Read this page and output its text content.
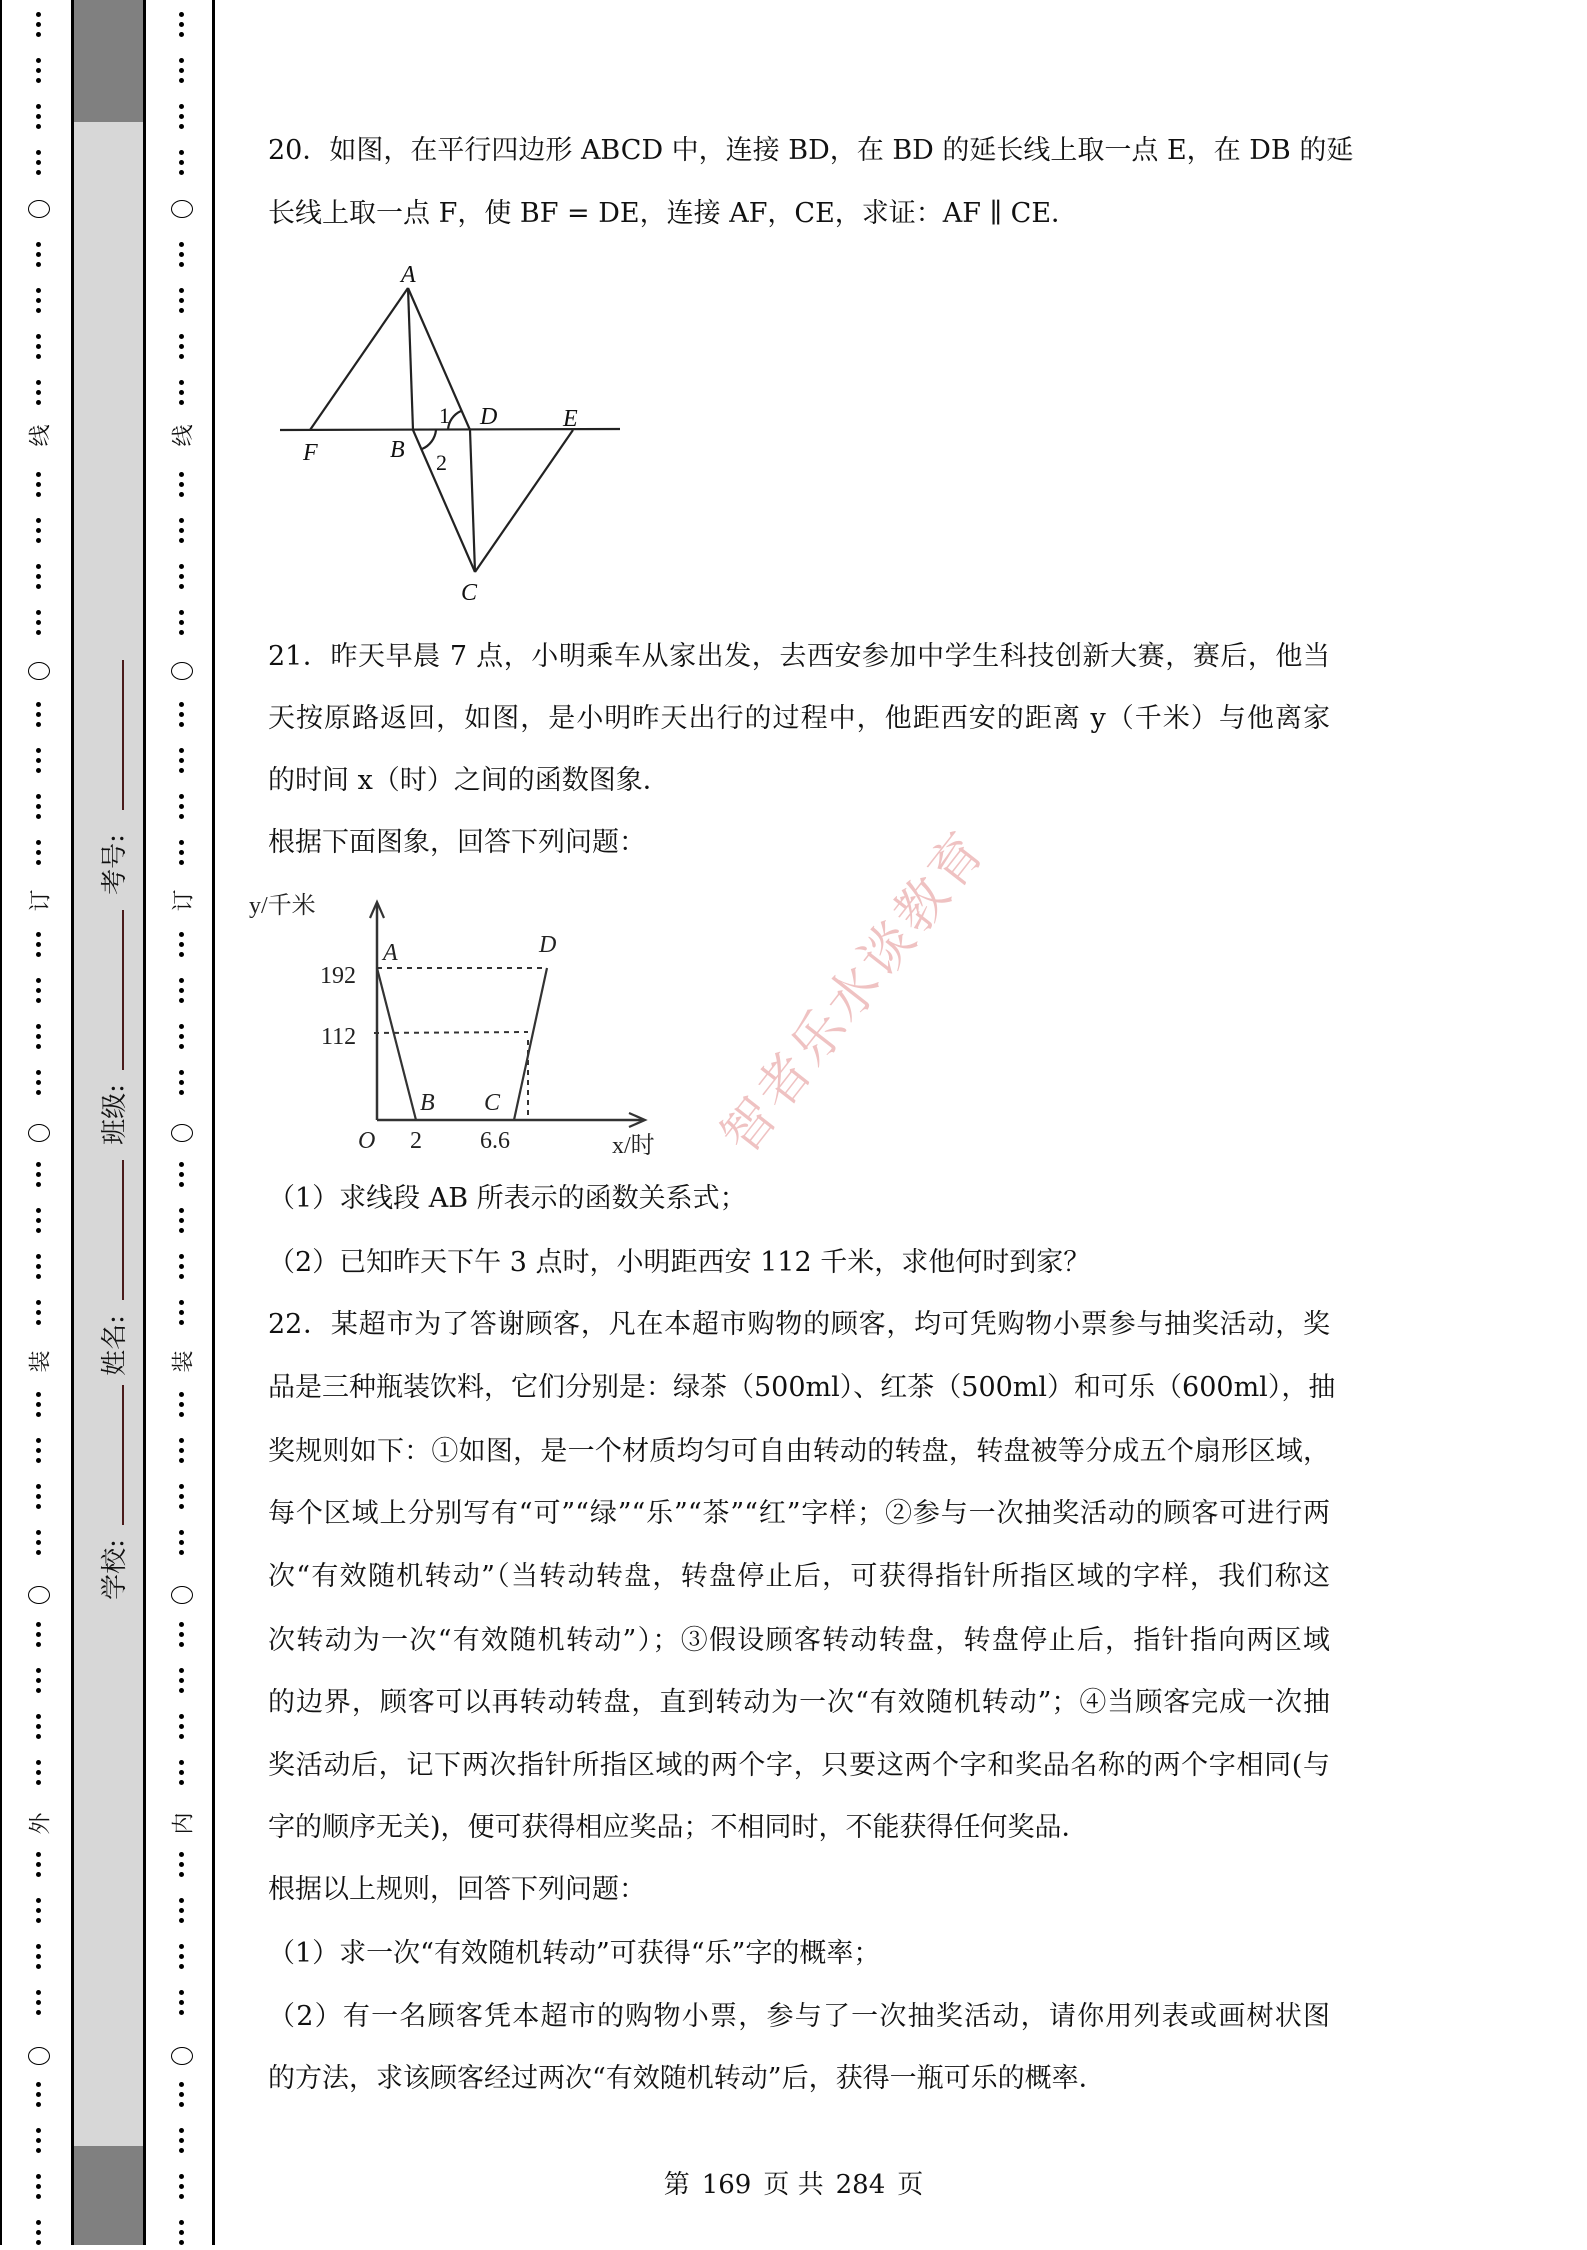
线
订
装
外
线
订
装
内
考号:
班级:
姓名:
学校:
20．如图，在平行四边形 ABCD 中，连接 BD，在 BD 的延长线上取一点 E，在 DB 的延
长线上取一点 F，使 BF = DE，连接 AF，CE，求证：AF ∥ CE．
A
B
C
D	E
F
1
2
21．昨天早晨 7 点，小明乘车从家出发，去西安参加中学生科技创新大赛，赛后，他当
天按原路返回，如图，是小明昨天出行的过程中，他距西安的距离 y（千米）与他离家
的时间 x（时）之间的函数图象．
根据下面图象，回答下列问题：
y/千米
x/时
192
112
2 6.6
O
A
B C
D
（1）求线段 AB 所表示的函数关系式；
（2）已知昨天下午 3 点时，小明距西安 112 千米，求他何时到家？
22．某超市为了答谢顾客，凡在本超市购物的顾客，均可凭购物小票参与抽奖活动，奖
品是三种瓶装饮料，它们分别是：绿茶（500ml）、红茶（500ml）和可乐（600ml），抽
奖规则如下：①如图，是一个材质均匀可自由转动的转盘，转盘被等分成五个扇形区域，
每个区域上分别写有“可”“绿”“乐”“茶”“红”字样；②参与一次抽奖活动的顾客可进行两
次“有效随机转动”（当转动转盘，转盘停止后，可获得指针所指区域的字样，我们称这
次转动为一次“有效随机转动”）；③假设顾客转动转盘，转盘停止后，指针指向两区域
的边界，顾客可以再转动转盘，直到转动为一次“有效随机转动”；④当顾客完成一次抽
奖活动后，记下两次指针所指区域的两个字，只要这两个字和奖品名称的两个字相同(与
字的顺序无关)，便可获得相应奖品；不相同时，不能获得任何奖品．
根据以上规则，回答下列问题：
（1）求一次“有效随机转动”可获得“乐”字的概率；
（2）有一名顾客凭本超市的购物小票，参与了一次抽奖活动，请你用列表或画树状图
的方法，求该顾客经过两次“有效随机转动”后，获得一瓶可乐的概率．
智者乐水谈教育
第 169 页 共 284 页
